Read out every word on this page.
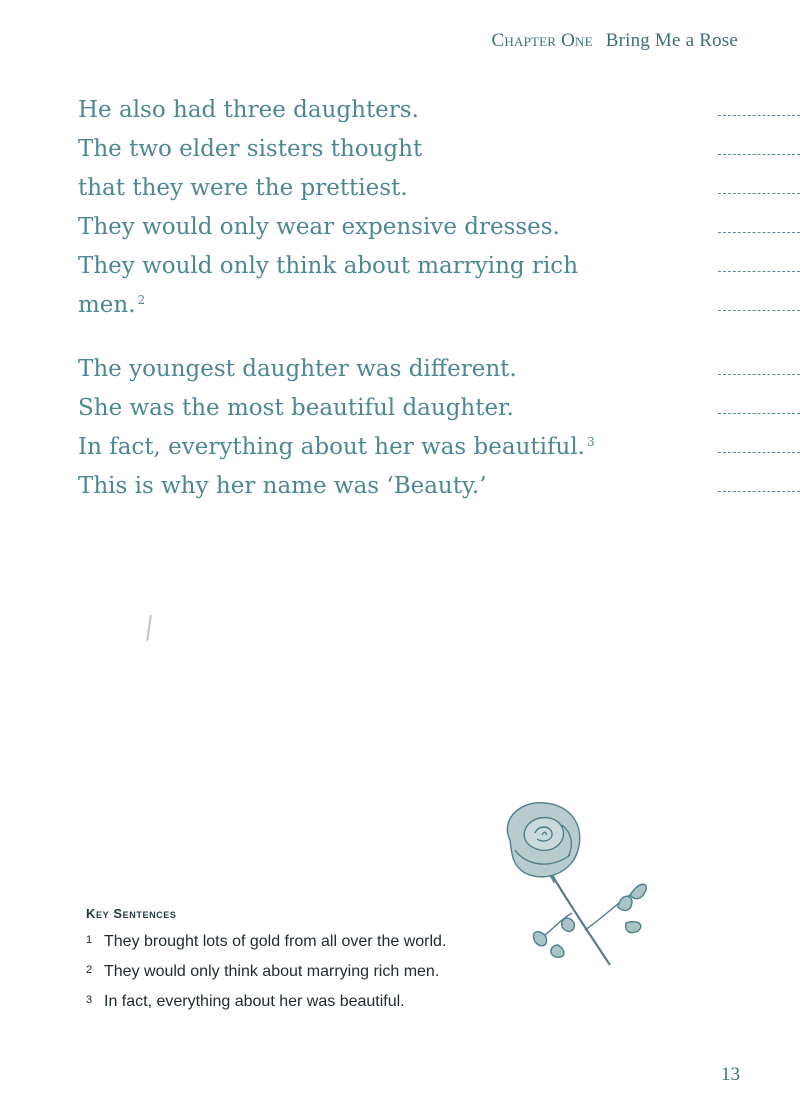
Chapter One Bring Me a Rose
He also had three daughters.
The two elder sisters thought
that they were the prettiest.
They would only wear expensive dresses.
They would only think about marrying rich
men. $^2$
The youngest daughter was different.
She was the most beautiful daughter.
In fact, everything about her was beautiful. $^3$
This is why her name was ‘Beauty.’
Key Sentences
1 They brought lots of gold from all over the world.
2 They would only think about marrying rich men.
3 In fact, everything about her was beautiful.
13
